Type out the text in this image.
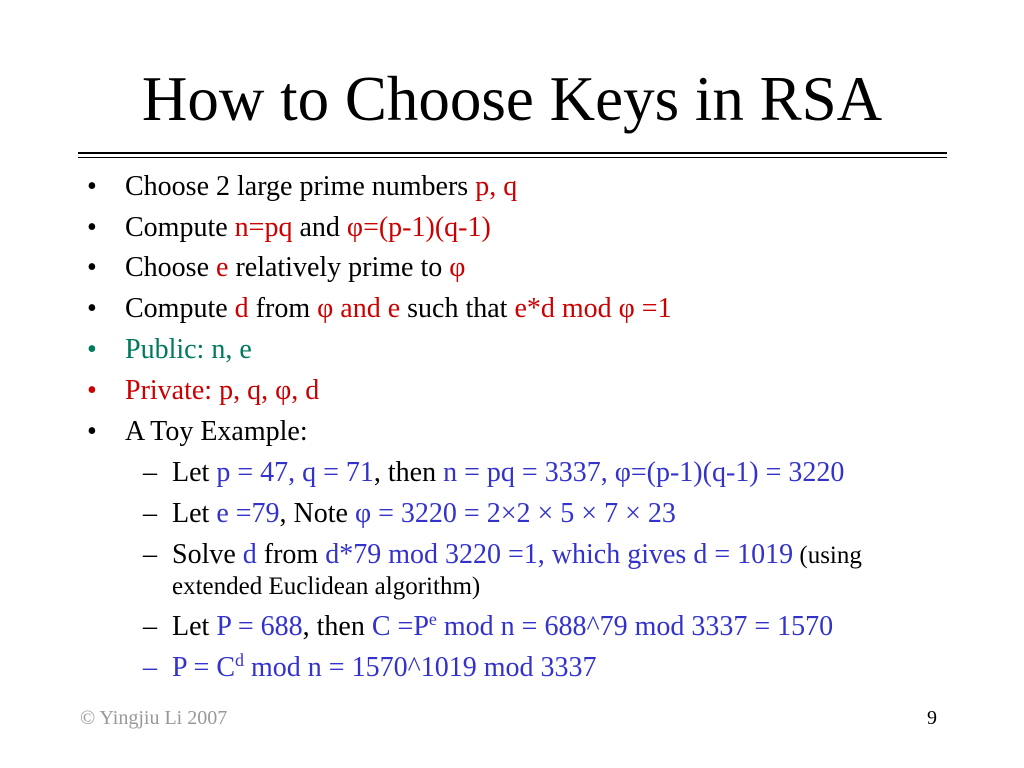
How to Choose Keys in RSA
• Choose 2 large prime numbers p, q
• Compute n=pq and φ=(p-1)(q-1)
• Choose e relatively prime to φ
• Compute d from φ and e such that e*d mod φ =1
• Public: n, e
• Private: p, q, φ, d
• A Toy Example:
– Let p = 47, q = 71, then n = pq = 3337, φ=(p-1)(q-1) = 3220
– Let e =79, Note φ = 3220 = 2×2 × 5 × 7 × 23
– Solve d from d*79 mod 3220 =1, which gives d = 1019 (using
extended Euclidean algorithm)
– Let P = 688, then $C =P^e$ mod n = 688^79 mod 3337 = 1570
– $P = C^d$ mod n = 1570^1019 mod 3337
© Yingjiu Li 2007	9
